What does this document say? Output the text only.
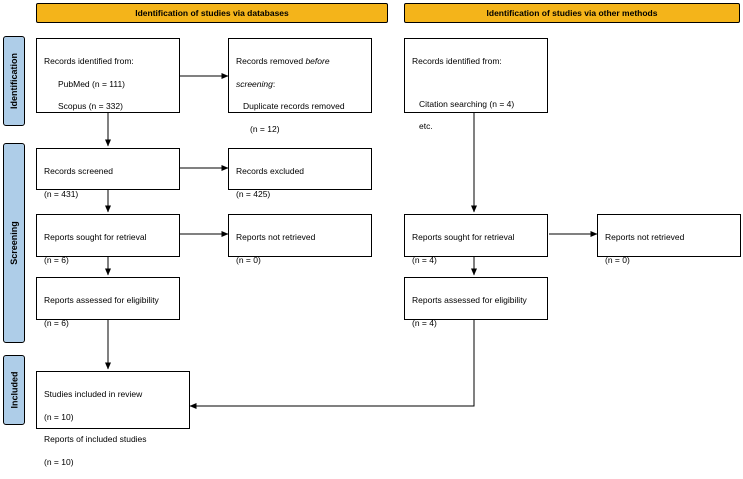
Identification
Screening
Included
Identification of studies via databases	Identification of studies via other methods

Records identified from:

PubMed (n = 111)

Scopus (n = 332)

Records removed before

screening:

Duplicate records removed

(n = 12)

Records identified from:

Citation searching (n = 4)

etc.

Records screened

(n = 431)

Records excluded

(n = 425)

Reports sought for retrieval

(n = 6)

Reports not retrieved

(n = 0)

Reports sought for retrieval

(n = 4)

Reports not retrieved

(n = 0)

Reports assessed for eligibility

(n = 6)

Reports assessed for eligibility

(n = 4)

Studies included in review

(n = 10)

Reports of included studies

(n = 10)
